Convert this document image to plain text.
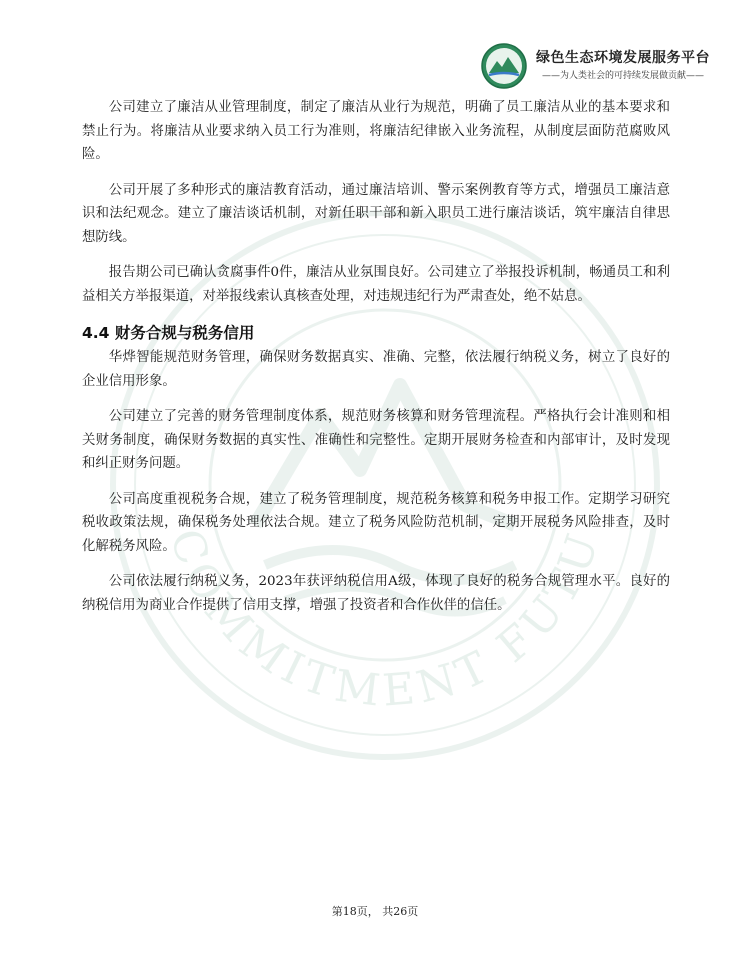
COMMITMENT FUTU
绿色生态环境发展服务平台
——为人类社会的可持续发展做贡献——

公司建立了廉洁从业管理制度，制定了廉洁从业行为规范，明确了员工廉洁从业的基本要求和禁止行为。将廉洁从业要求纳入员工行为准则，将廉洁纪律嵌入业务流程，从制度层面防范腐败风险。

公司开展了多种形式的廉洁教育活动，通过廉洁培训、警示案例教育等方式，增强员工廉洁意识和法纪观念。建立了廉洁谈话机制，对新任职干部和新入职员工进行廉洁谈话，筑牢廉洁自律思想防线。

报告期公司已确认贪腐事件0件，廉洁从业氛围良好。公司建立了举报投诉机制，畅通员工和利益相关方举报渠道，对举报线索认真核查处理，对违规违纪行为严肃查处，绝不姑息。

4.4 财务合规与税务信用

华烨智能规范财务管理，确保财务数据真实、准确、完整，依法履行纳税义务，树立了良好的企业信用形象。

公司建立了完善的财务管理制度体系，规范财务核算和财务管理流程。严格执行会计准则和相关财务制度，确保财务数据的真实性、准确性和完整性。定期开展财务检查和内部审计，及时发现和纠正财务问题。

公司高度重视税务合规，建立了税务管理制度，规范税务核算和税务申报工作。定期学习研究税收政策法规，确保税务处理依法合规。建立了税务风险防范机制，定期开展税务风险排查，及时化解税务风险。

公司依法履行纳税义务，2023年获评纳税信用A级，体现了良好的税务合规管理水平。良好的纳税信用为商业合作提供了信用支撑，增强了投资者和合作伙伴的信任。

第18页， 共26页
